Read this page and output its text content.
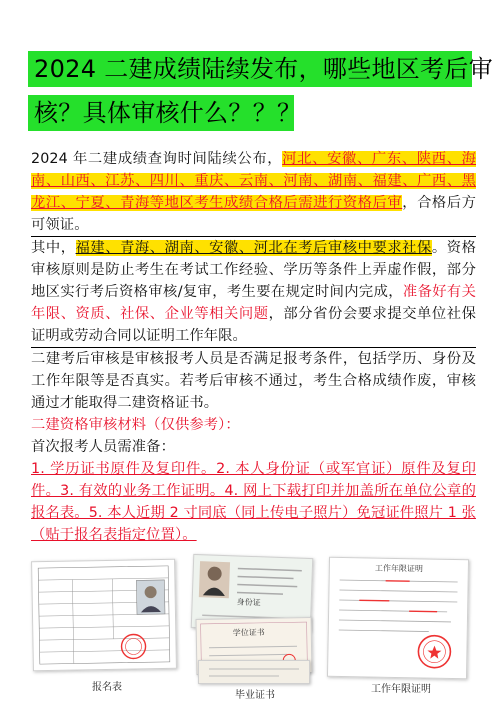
2024 二建成绩陆续发布，哪些地区考后审
核？具体审核什么？？？

2024 年二建成绩查询时间陆续公布，河北、安徽、广东、陕西、海南、山西、江苏、四川、重庆、云南、河南、湖南、福建、广西、黑龙江、宁夏、青海等地区考生成绩合格后需进行资格后审，合格后方可领证。

其中，福建、青海、湖南、安徽、河北在考后审核中要求社保。资格审核原则是防止考生在考试工作经验、学历等条件上弄虚作假，部分地区实行考后资格审核/复审，考生要在规定时间内完成，准备好有关年限、资质、社保、企业等相关问题，部分省份会要求提交单位社保证明或劳动合同以证明工作年限。

二建考后审核是审核报考人员是否满足报考条件，包括学历、身份及工作年限等是否真实。若考后审核不通过，考生合格成绩作废，审核通过才能取得二建资格证书。

二建资格审核材料（仅供参考）：

首次报考人员需准备：

1. 学历证书原件及复印件。2. 本人身份证（或军官证）原件及复印件。3. 有效的业务工作证明。4. 网上下载打印并加盖所在单位公章的报名表。5. 本人近期 2 寸同底（同上传电子照片）免冠证件照片 1 张（贴于报名表指定位置）。

报名表
身份证
学位证书
毕业证书
工作年限证明
工作年限证明
